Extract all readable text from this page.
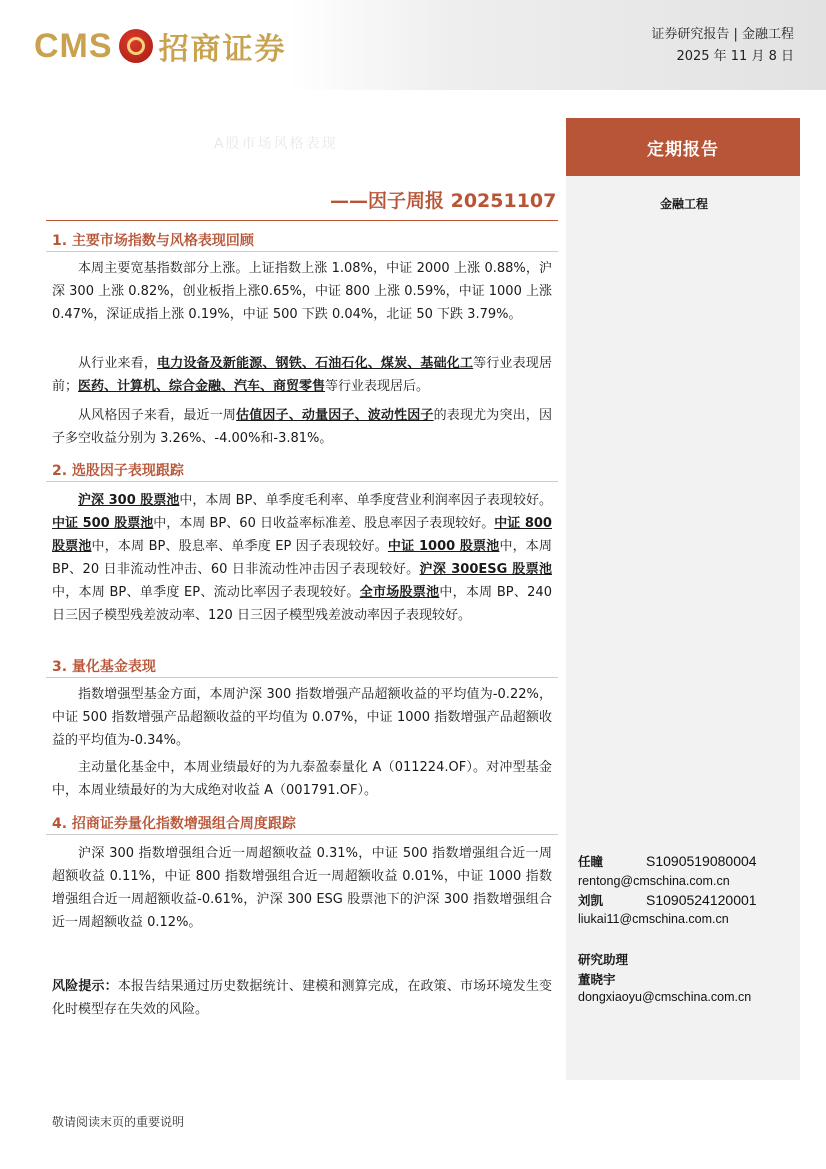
CMS 招商证券	证券研究报告 | 金融工程
2025 年 11 月 8 日
A股市场风格表现
——因子周报 20251107
定期报告
金融工程
任瞳	S1090519080004
rentong@cmschina.com.cn
刘凯	S1090524120001
liukai11@cmschina.com.cn
研究助理
董晓宇
dongxiaoyu@cmschina.com.cn
1. 主要市场指数与风格表现回顾
本周主要宽基指数部分上涨。上证指数上涨 1.08%，中证 2000 上涨 0.88%，沪深 300 上涨 0.82%，创业板指上涨0.65%，中证 800 上涨 0.59%，中证 1000 上涨 0.47%，深证成指上涨 0.19%，中证 500 下跌 0.04%，北证 50 下跌 3.79%。
从行业来看，电力设备及新能源、钢铁、石油石化、煤炭、基础化工等行业表现居前；医药、计算机、综合金融、汽车、商贸零售等行业表现居后。
从风格因子来看，最近一周估值因子、动量因子、波动性因子的表现尤为突出，因子多空收益分别为 3.26%、-4.00%和-3.81%。
2. 选股因子表现跟踪
沪深 300 股票池中，本周 BP、单季度毛利率、单季度营业利润率因子表现较好。中证 500 股票池中，本周 BP、60 日收益率标准差、股息率因子表现较好。中证 800 股票池中，本周 BP、股息率、单季度 EP 因子表现较好。中证 1000 股票池中，本周 BP、20 日非流动性冲击、60 日非流动性冲击因子表现较好。沪深 300ESG 股票池中，本周 BP、单季度 EP、流动比率因子表现较好。全市场股票池中，本周 BP、240 日三因子模型残差波动率、120 日三因子模型残差波动率因子表现较好。
3. 量化基金表现
指数增强型基金方面，本周沪深 300 指数增强产品超额收益的平均值为-0.22%，中证 500 指数增强产品超额收益的平均值为 0.07%，中证 1000 指数增强产品超额收益的平均值为-0.34%。
主动量化基金中，本周业绩最好的为九泰盈泰量化 A（011224.OF）。对冲型基金中，本周业绩最好的为大成绝对收益 A（001791.OF）。
4. 招商证券量化指数增强组合周度跟踪
沪深 300 指数增强组合近一周超额收益 0.31%，中证 500 指数增强组合近一周超额收益 0.11%，中证 800 指数增强组合近一周超额收益 0.01%，中证 1000 指数增强组合近一周超额收益-0.61%，沪深 300 ESG 股票池下的沪深 300 指数增强组合近一周超额收益 0.12%。
风险提示：本报告结果通过历史数据统计、建模和测算完成，在政策、市场环境发生变化时模型存在失效的风险。
敬请阅读末页的重要说明
